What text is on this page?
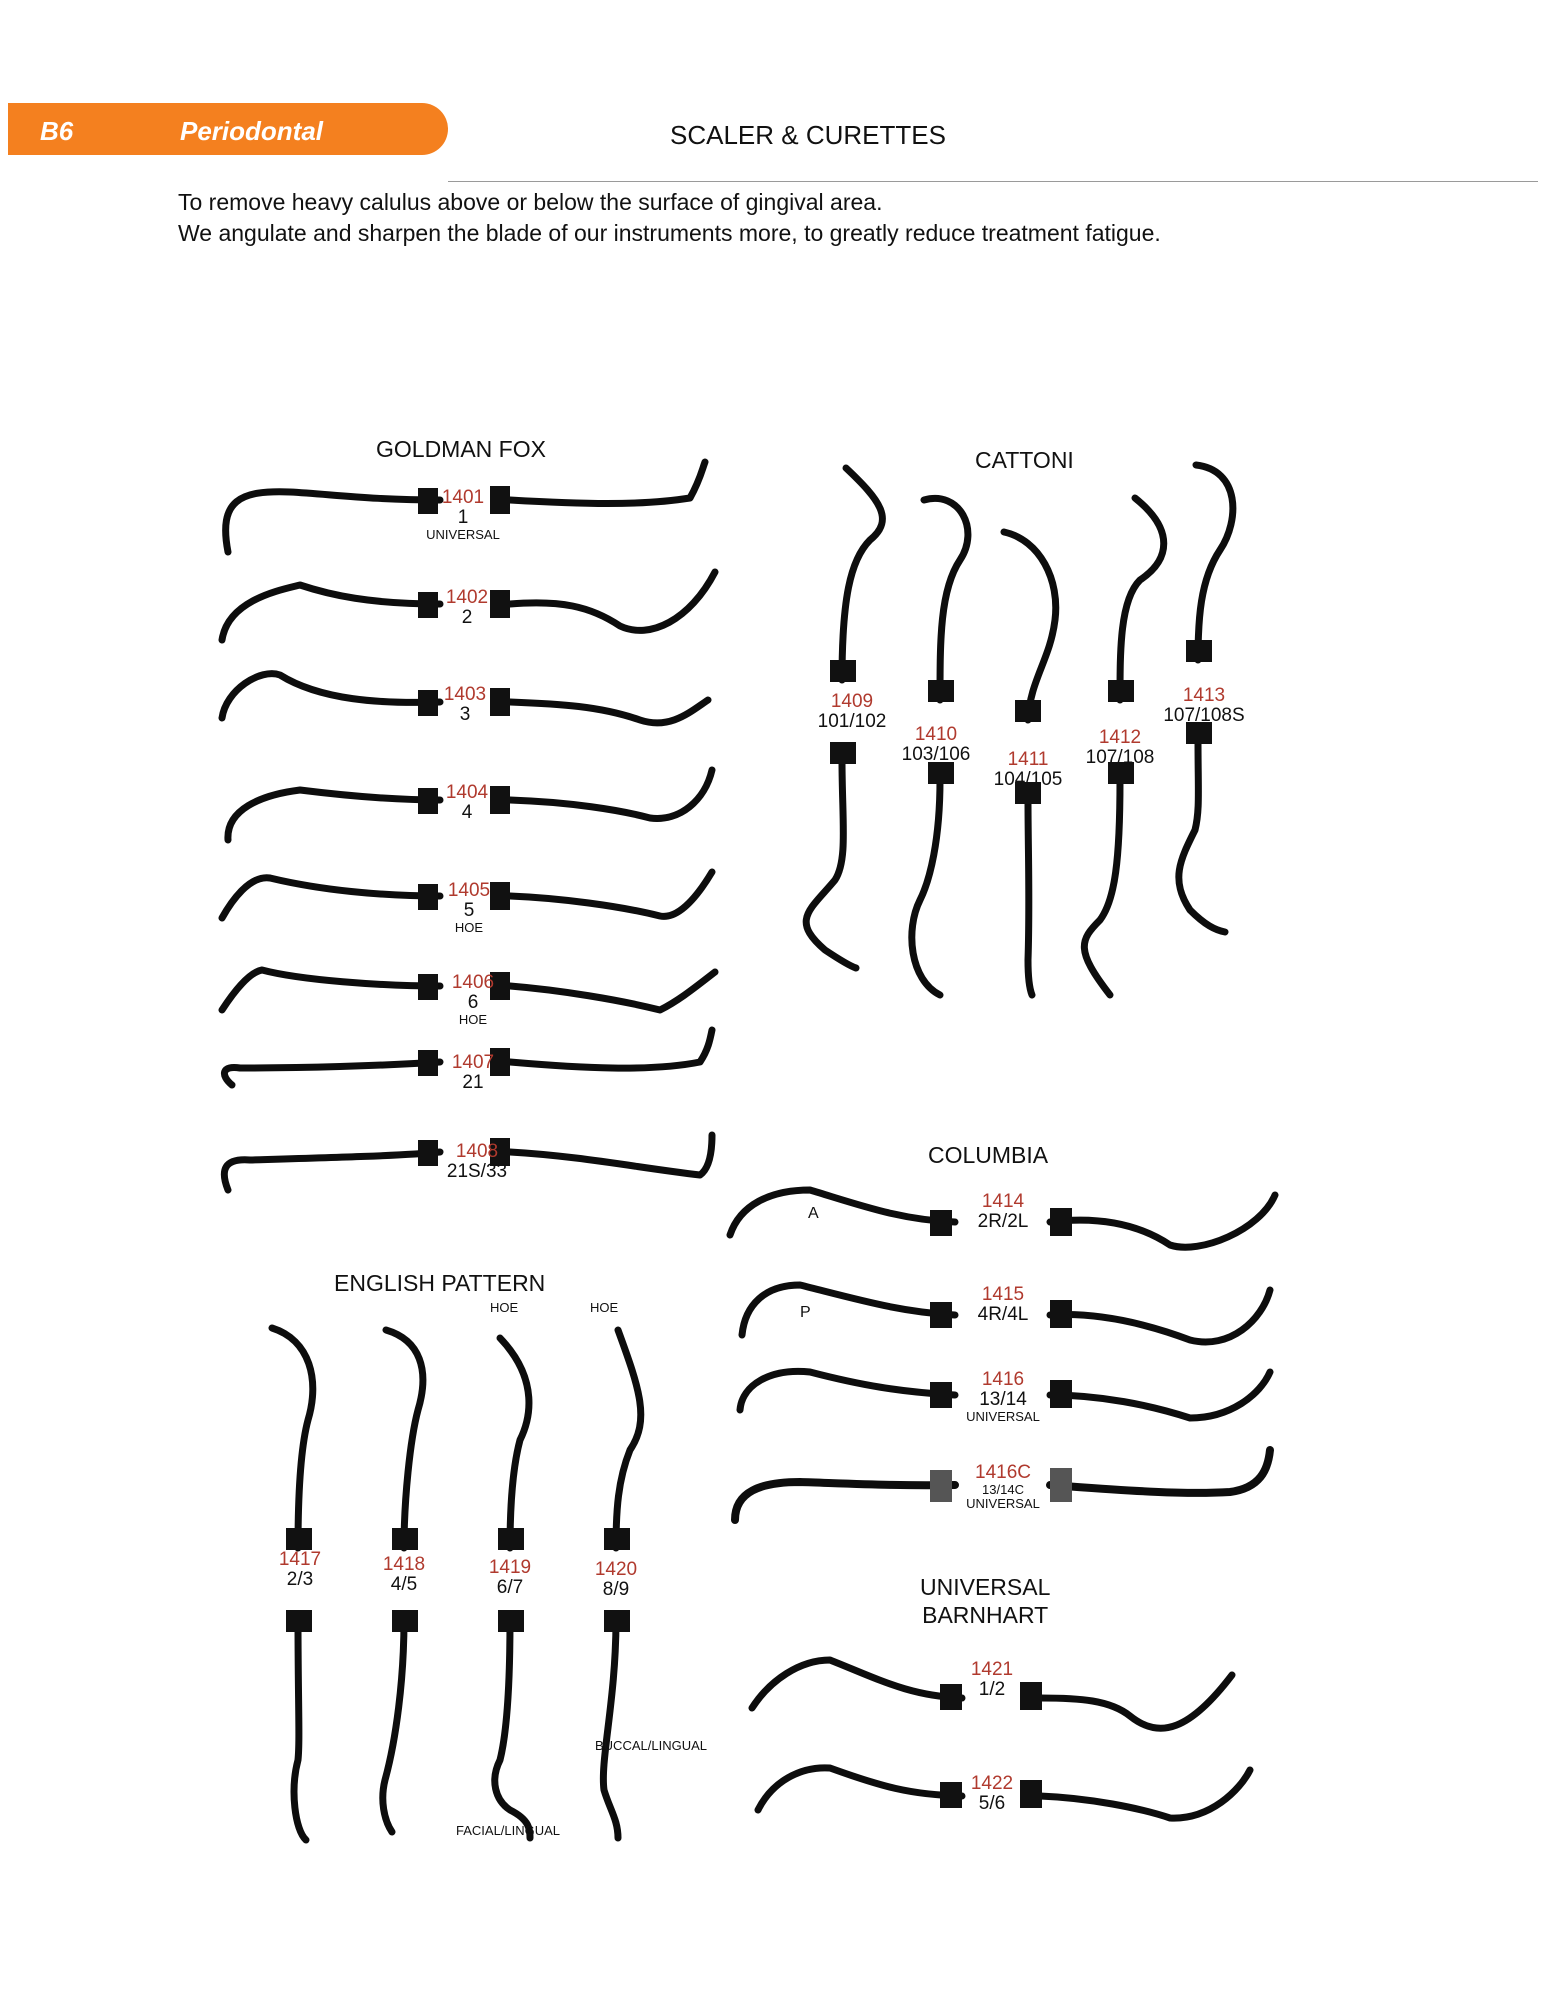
B6	Periodontal	SCALER & CURETTES
To remove heavy calulus above or below the surface of gingival area.
We angulate and sharpen the blade of our instruments more, to greatly reduce treatment fatigue.
GOLDMAN FOX	CATTONI
COLUMBIA
ENGLISH PATTERN
UNIVERSAL
BARNHART
1401
1
UNIVERSAL
1402
2
1403
3
1404
4
1405
5
HOE
1406
6
HOE
1407
21
1408
21S/33
1409
101/102
1410
103/106	1411
104/105
1412
107/108
1413
107/108S
A
1414
2R/2L
P
1415
4R/4L
1416
13/14
UNIVERSAL
1416C
13/14C
UNIVERSAL
HOE	HOE
1417
2/3
1418
4/5
1419
6/7
1420
8/9
BUCCAL/LINGUAL
FACIAL/LINGUAL
1421
1/2
1422
5/6
